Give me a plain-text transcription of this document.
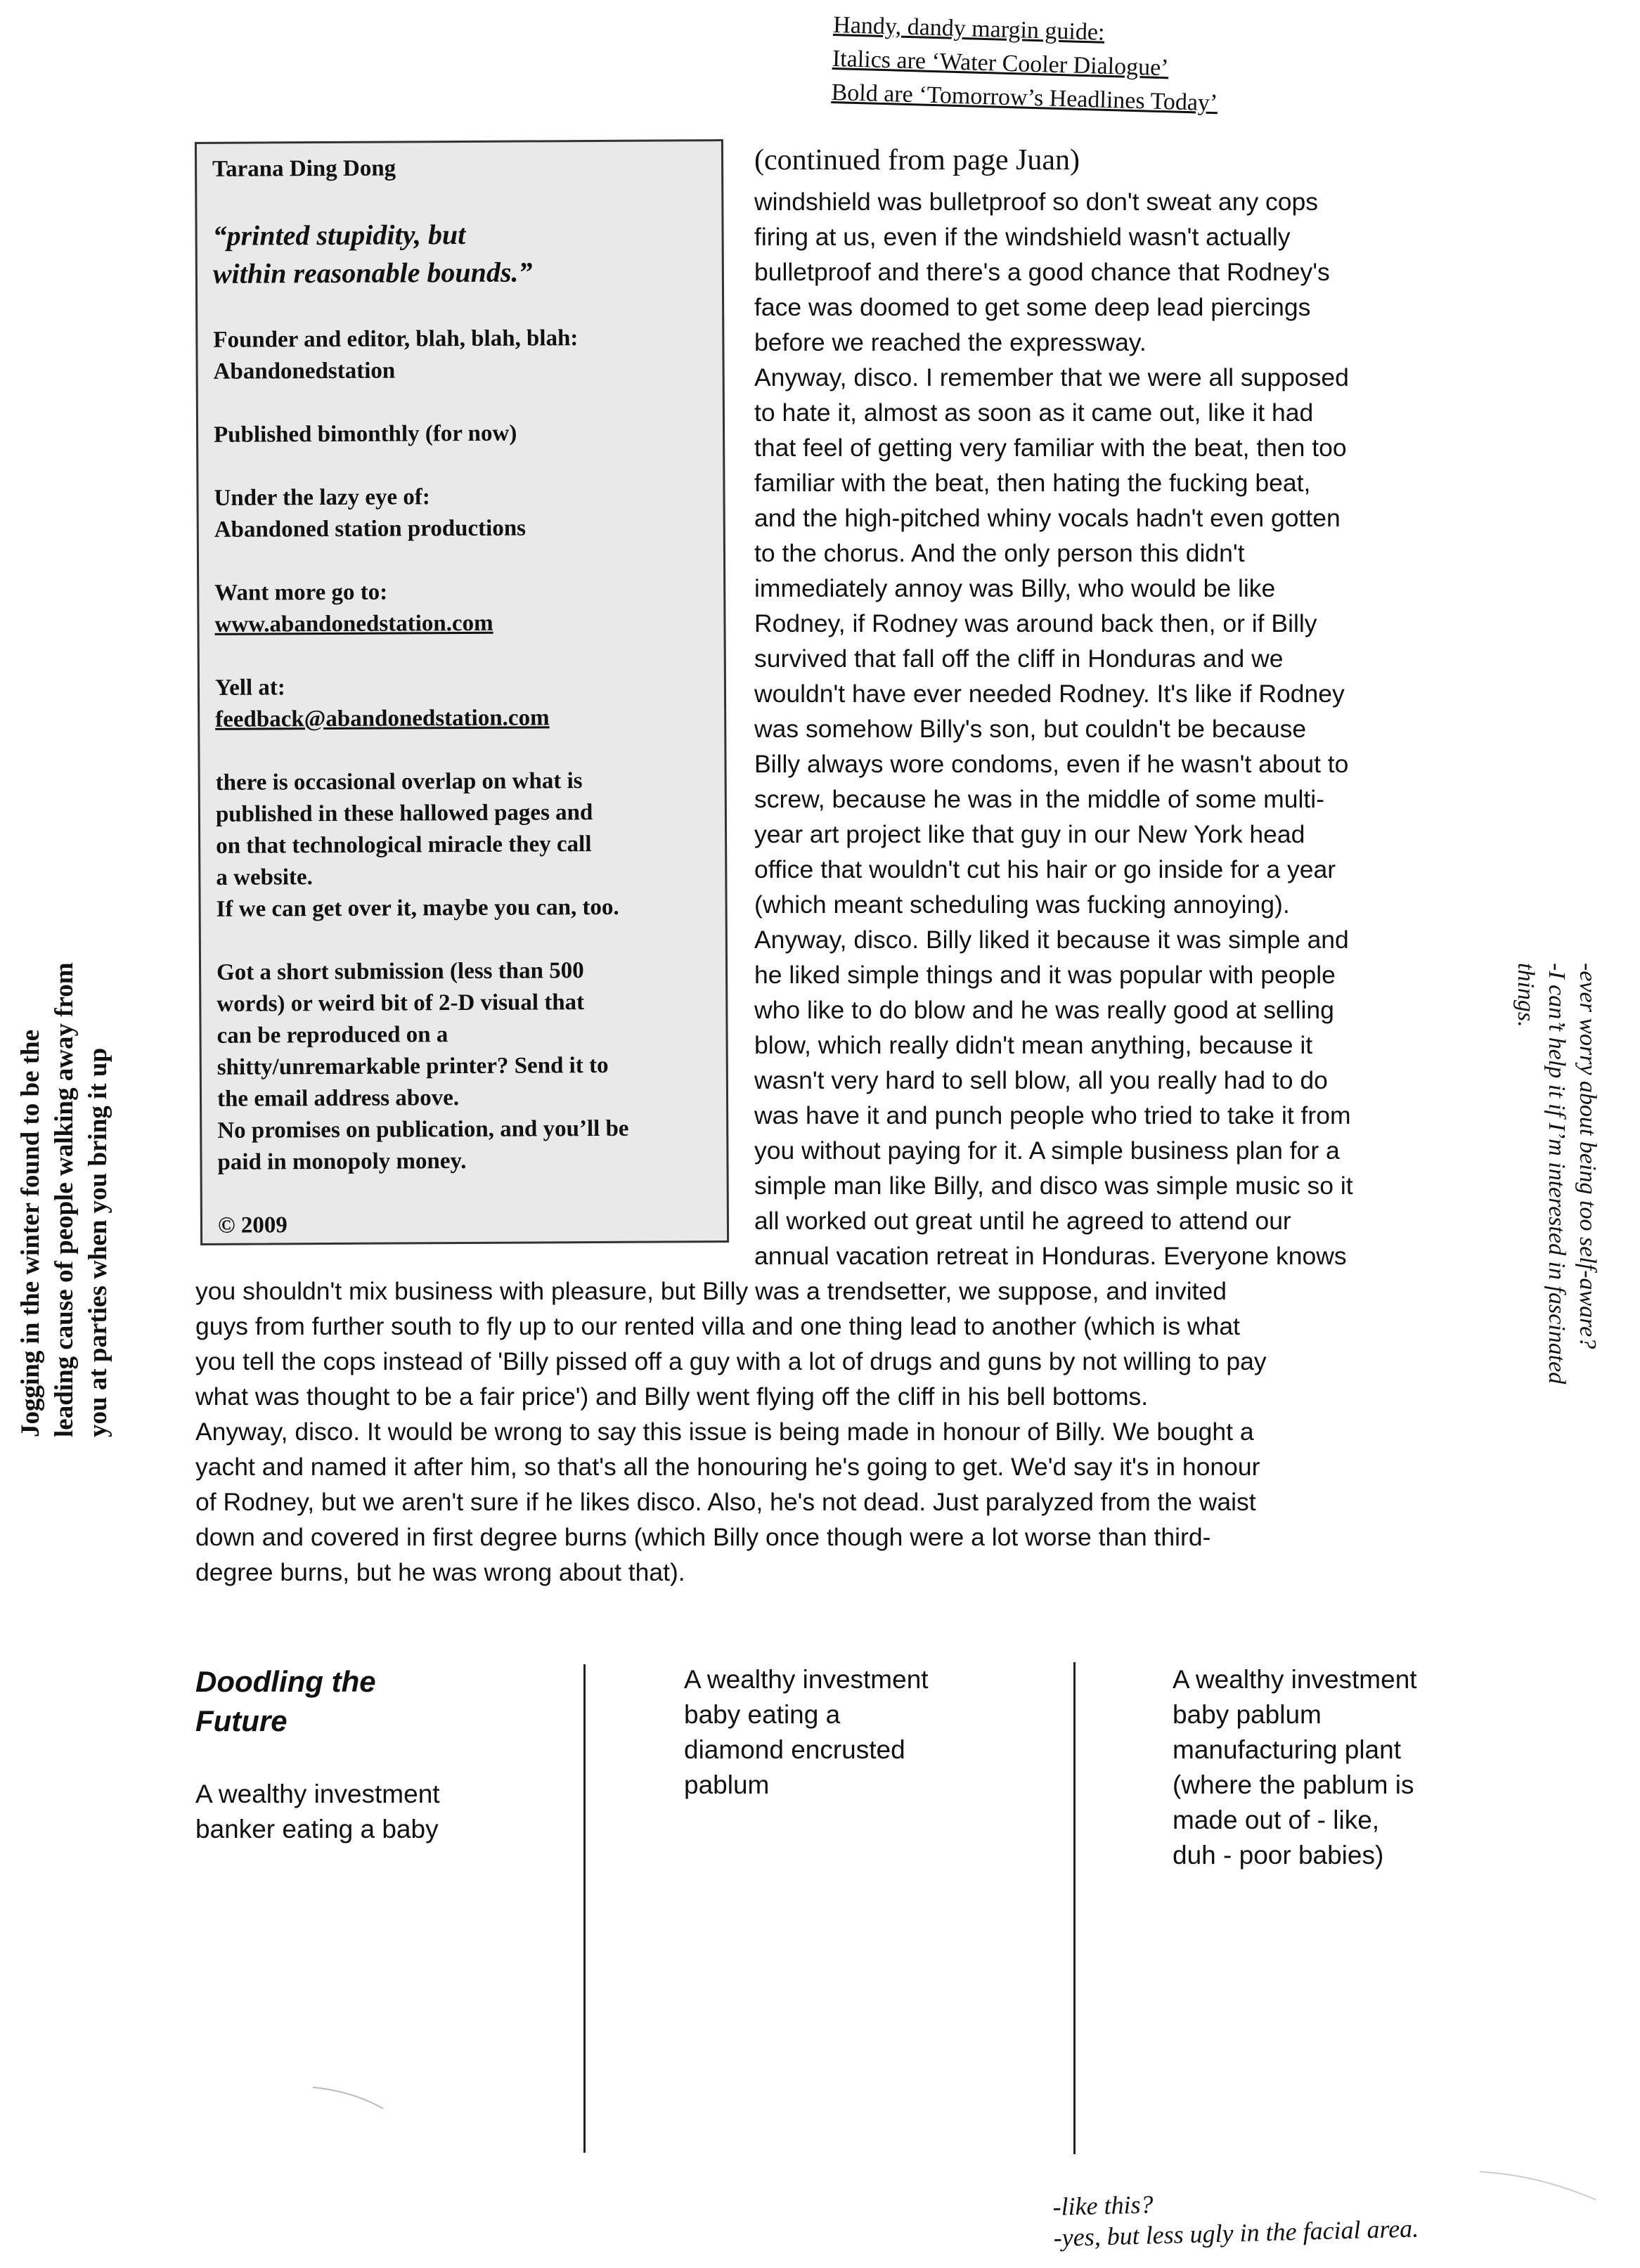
Handy, dandy margin guide:
Italics are ‘Water Cooler Dialogue’
Bold are ‘Tomorrow’s Headlines Today’

Tarana Ding Dong

“printed stupidity, but
within reasonable bounds.”

Founder and editor, blah, blah, blah:
Abandonedstation

Published bimonthly (for now)

Under the lazy eye of:
Abandoned station productions

Want more go to:
www.abandonedstation.com

Yell at:
feedback@abandonedstation.com

there is occasional overlap on what is
published in these hallowed pages and
on that technological miracle they call
a website.
If we can get over it, maybe you can, too.

Got a short submission (less than 500
words) or weird bit of 2-D visual that
can be reproduced on a
shitty/unremarkable printer? Send it to
the email address above.
No promises on publication, and you’ll be
paid in monopoly money.

© 2009

(continued from page Juan)
windshield was bulletproof so don't sweat any cops
firing at us, even if the windshield wasn't actually
bulletproof and there's a good chance that Rodney's
face was doomed to get some deep lead piercings
before we reached the expressway.
Anyway, disco. I remember that we were all supposed
to hate it, almost as soon as it came out, like it had
that feel of getting very familiar with the beat, then too
familiar with the beat, then hating the fucking beat,
and the high-pitched whiny vocals hadn't even gotten
to the chorus. And the only person this didn't
immediately annoy was Billy, who would be like
Rodney, if Rodney was around back then, or if Billy
survived that fall off the cliff in Honduras and we
wouldn't have ever needed Rodney. It's like if Rodney
was somehow Billy's son, but couldn't be because
Billy always wore condoms, even if he wasn't about to
screw, because he was in the middle of some multi-
year art project like that guy in our New York head
office that wouldn't cut his hair or go inside for a year
(which meant scheduling was fucking annoying).
Anyway, disco. Billy liked it because it was simple and
he liked simple things and it was popular with people
who like to do blow and he was really good at selling
blow, which really didn't mean anything, because it
wasn't very hard to sell blow, all you really had to do
was have it and punch people who tried to take it from
you without paying for it. A simple business plan for a
simple man like Billy, and disco was simple music so it
all worked out great until he agreed to attend our
annual vacation retreat in Honduras. Everyone knows
you shouldn't mix business with pleasure, but Billy was a trendsetter, we suppose, and invited
guys from further south to fly up to our rented villa and one thing lead to another (which is what
you tell the cops instead of 'Billy pissed off a guy with a lot of drugs and guns by not willing to pay
what was thought to be a fair price') and Billy went flying off the cliff in his bell bottoms.
Anyway, disco. It would be wrong to say this issue is being made in honour of Billy. We bought a
yacht and named it after him, so that's all the honouring he's going to get. We'd say it's in honour
of Rodney, but we aren't sure if he likes disco. Also, he's not dead. Just paralyzed from the waist
down and covered in first degree burns (which Billy once though were a lot worse than third-
degree burns, but he was wrong about that).
Jogging in the winter found to be the leading cause of people walking away from you at parties when you bring it up	-ever worry about being too self-aware?
-I can’t help it if I’m interested in fascinated
things.
Doodling the
Future
A wealthy investment
banker eating a baby
A wealthy investment
baby eating a
diamond encrusted
pablum
A wealthy investment
baby pablum
manufacturing plant
(where the pablum is
made out of - like,
duh - poor babies)
-like this?
-yes, but less ugly in the facial area.
